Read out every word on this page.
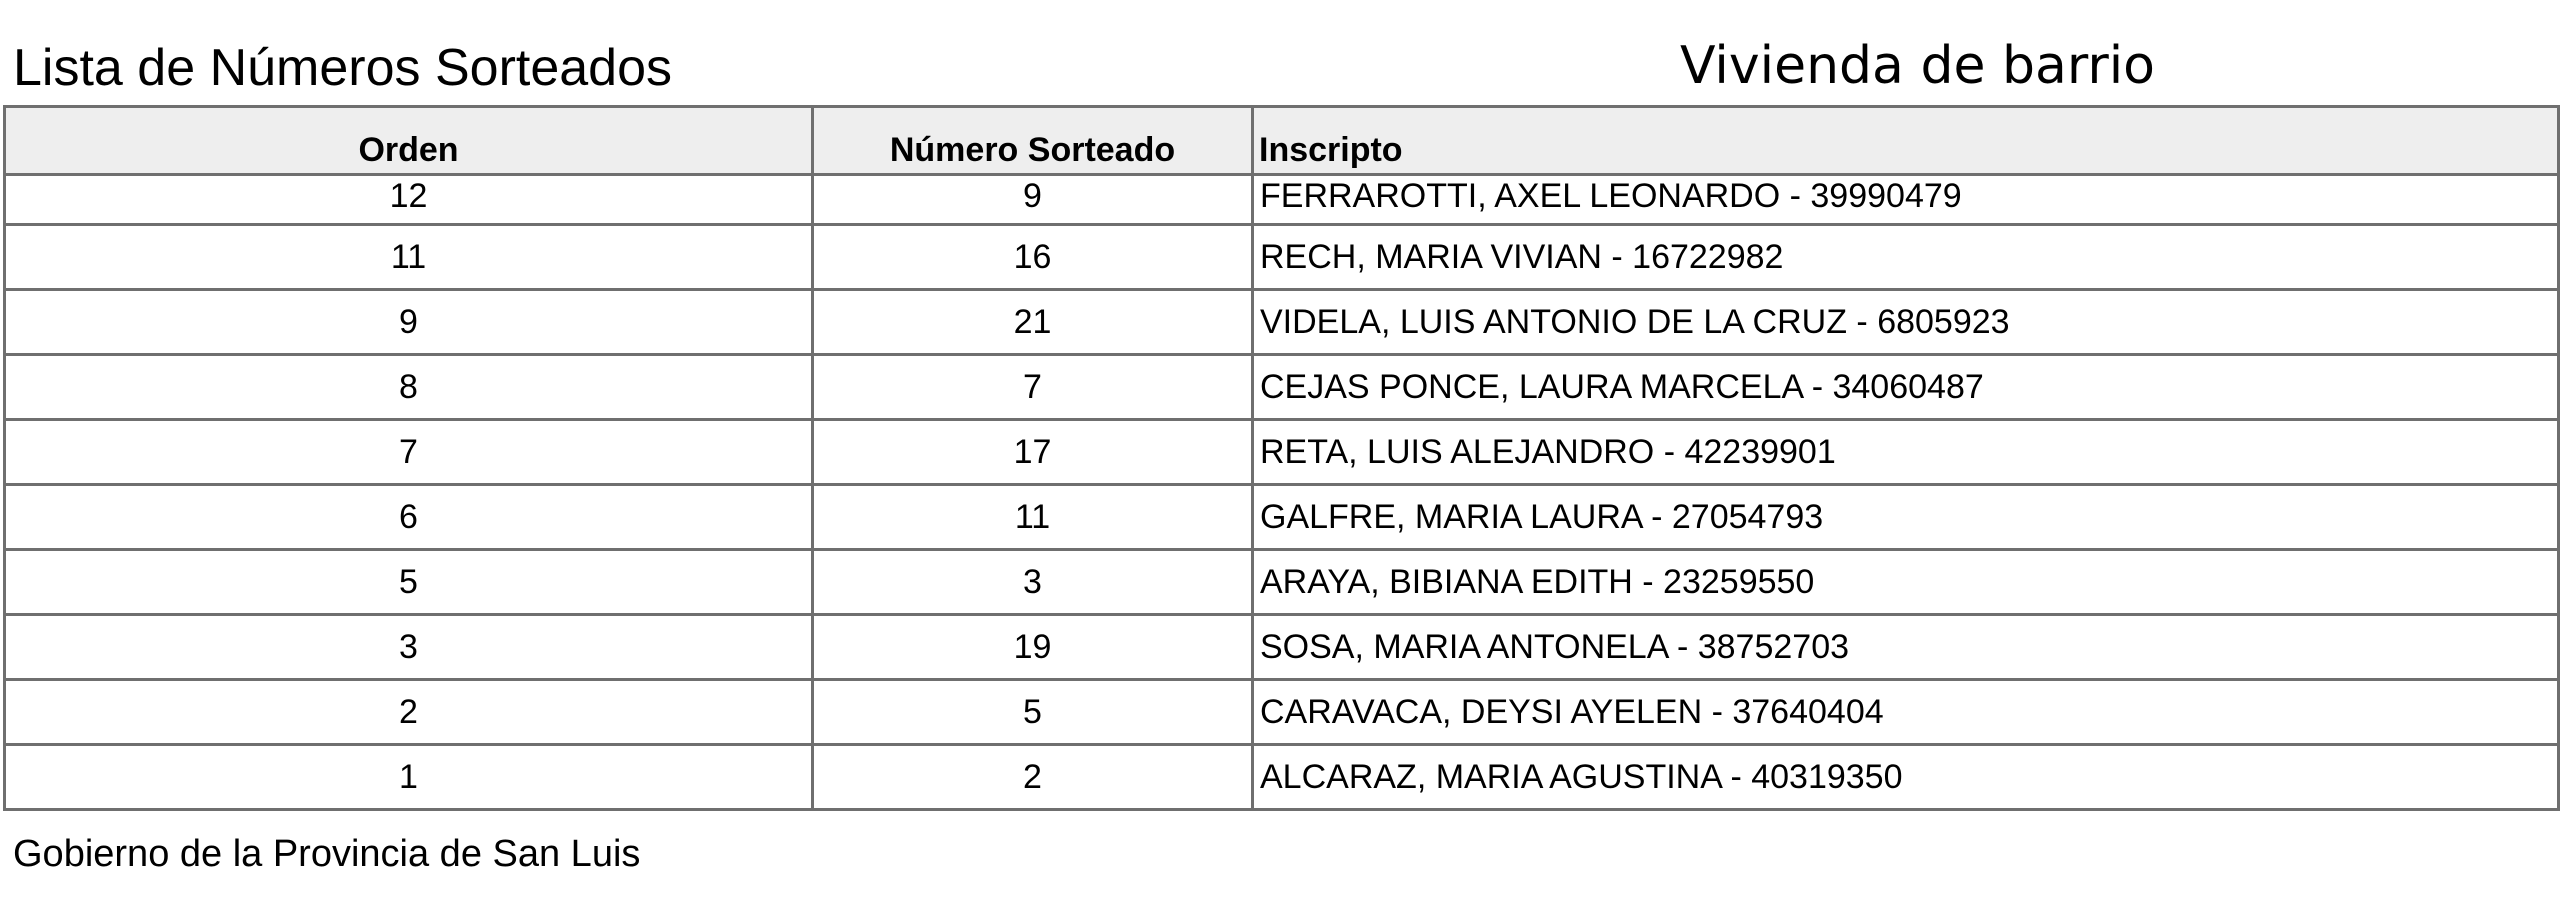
Lista de Números Sorteados	Vivienda de barrio
Orden	Número Sorteado	Inscripto
12	9	FERRAROTTI, AXEL LEONARDO - 39990479
11	16	RECH, MARIA VIVIAN - 16722982
9	21	VIDELA, LUIS ANTONIO DE LA CRUZ - 6805923
8	7	CEJAS PONCE, LAURA MARCELA - 34060487
7	17	RETA, LUIS ALEJANDRO - 42239901
6	11	GALFRE, MARIA LAURA - 27054793
5	3	ARAYA, BIBIANA EDITH - 23259550
3	19	SOSA, MARIA ANTONELA - 38752703
2	5	CARAVACA, DEYSI AYELEN - 37640404
1	2	ALCARAZ, MARIA AGUSTINA - 40319350
Gobierno de la Provincia de San Luis
